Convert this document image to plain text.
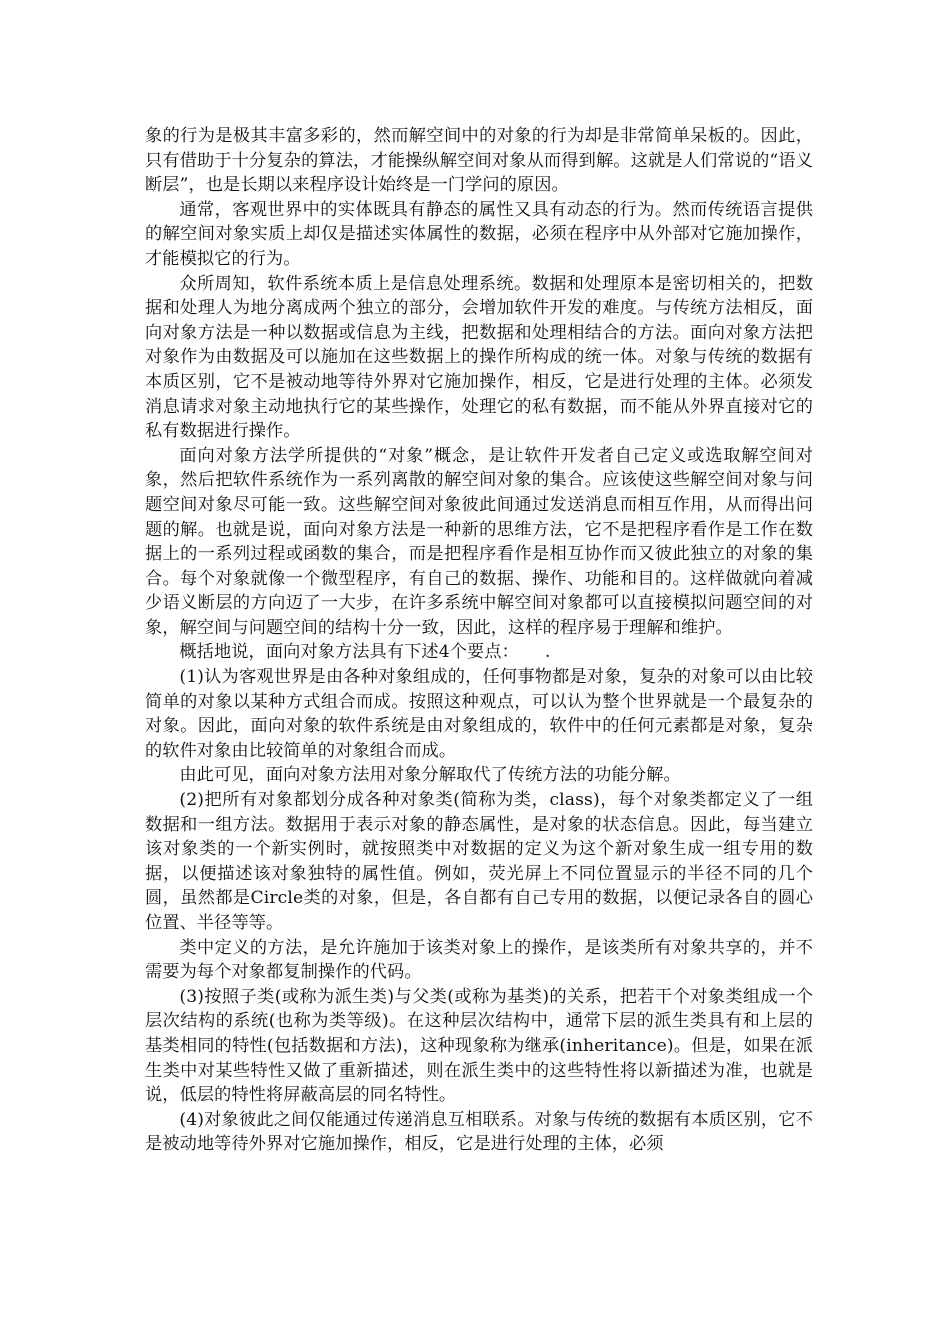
象的行为是极其丰富多彩的，然而解空间中的对象的行为却是非常简单呆板的。因此，只有借助于十分复杂的算法，才能操纵解空间对象从而得到解。这就是人们常说的“语义断层”，也是长期以来程序设计始终是一门学问的原因。

通常，客观世界中的实体既具有静态的属性又具有动态的行为。然而传统语言提供的解空间对象实质上却仅是描述实体属性的数据，必须在程序中从外部对它施加操作，才能模拟它的行为。

众所周知，软件系统本质上是信息处理系统。数据和处理原本是密切相关的，把数据和处理人为地分离成两个独立的部分，会增加软件开发的难度。与传统方法相反，面向对象方法是一种以数据或信息为主线，把数据和处理相结合的方法。面向对象方法把对象作为由数据及可以施加在这些数据上的操作所构成的统一体。对象与传统的数据有本质区别，它不是被动地等待外界对它施加操作，相反，它是进行处理的主体。必须发消息请求对象主动地执行它的某些操作，处理它的私有数据，而不能从外界直接对它的私有数据进行操作。

面向对象方法学所提供的“对象”概念，是让软件开发者自己定义或选取解空间对象，然后把软件系统作为一系列离散的解空间对象的集合。应该使这些解空间对象与问题空间对象尽可能一致。这些解空间对象彼此间通过发送消息而相互作用，从而得出问题的解。也就是说，面向对象方法是一种新的思维方法，它不是把程序看作是工作在数据上的一系列过程或函数的集合，而是把程序看作是相互协作而又彼此独立的对象的集合。每个对象就像一个微型程序，有自己的数据、操作、功能和目的。这样做就向着减少语义断层的方向迈了一大步，在许多系统中解空间对象都可以直接模拟问题空间的对象，解空间与问题空间的结构十分一致，因此，这样的程序易于理解和维护。

概括地说，面向对象方法具有下述4个要点：　　.

(1)认为客观世界是由各种对象组成的，任何事物都是对象，复杂的对象可以由比较简单的对象以某种方式组合而成。按照这种观点，可以认为整个世界就是一个最复杂的对象。因此，面向对象的软件系统是由对象组成的，软件中的任何元素都是对象，复杂的软件对象由比较简单的对象组合而成。

由此可见，面向对象方法用对象分解取代了传统方法的功能分解。

(2)把所有对象都划分成各种对象类(简称为类，class)，每个对象类都定义了一组数据和一组方法。数据用于表示对象的静态属性，是对象的状态信息。因此，每当建立该对象类的一个新实例时，就按照类中对数据的定义为这个新对象生成一组专用的数据，以便描述该对象独特的属性值。例如，荧光屏上不同位置显示的半径不同的几个圆，虽然都是Circle类的对象，但是，各自都有自己专用的数据，以便记录各自的圆心位置、半径等等。

类中定义的方法，是允许施加于该类对象上的操作，是该类所有对象共享的，并不需要为每个对象都复制操作的代码。

(3)按照子类(或称为派生类)与父类(或称为基类)的关系，把若干个对象类组成一个层次结构的系统(也称为类等级)。在这种层次结构中，通常下层的派生类具有和上层的基类相同的特性(包括数据和方法)，这种现象称为继承(inheritance)。但是，如果在派生类中对某些特性又做了重新描述，则在派生类中的这些特性将以新描述为准，也就是说，低层的特性将屏蔽高层的同名特性。

(4)对象彼此之间仅能通过传递消息互相联系。对象与传统的数据有本质区别，它不是被动地等待外界对它施加操作，相反，它是进行处理的主体，必须
